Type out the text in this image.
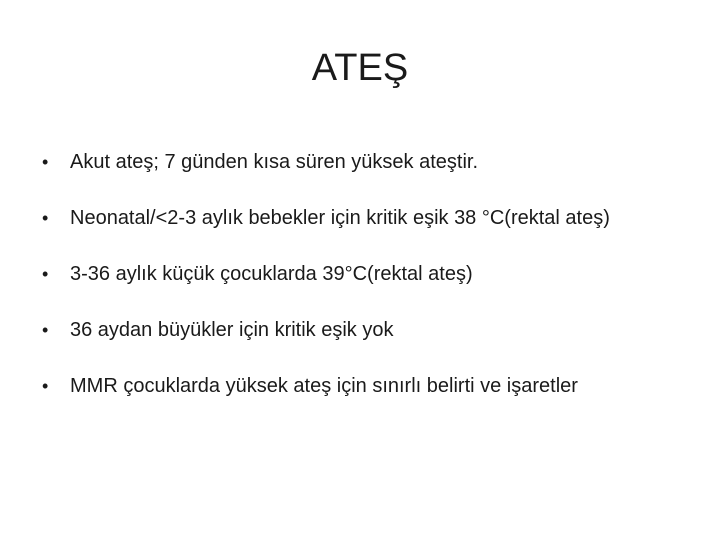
ATEŞ
• Akut ateş; 7 günden kısa süren yüksek ateştir.
• Neonatal/<2-3 aylık bebekler için kritik eşik 38 °C(rektal ateş)
• 3-36 aylık küçük çocuklarda 39°C(rektal ateş)
• 36 aydan büyükler için kritik eşik yok
• MMR çocuklarda yüksek ateş için sınırlı belirti ve işaretler
